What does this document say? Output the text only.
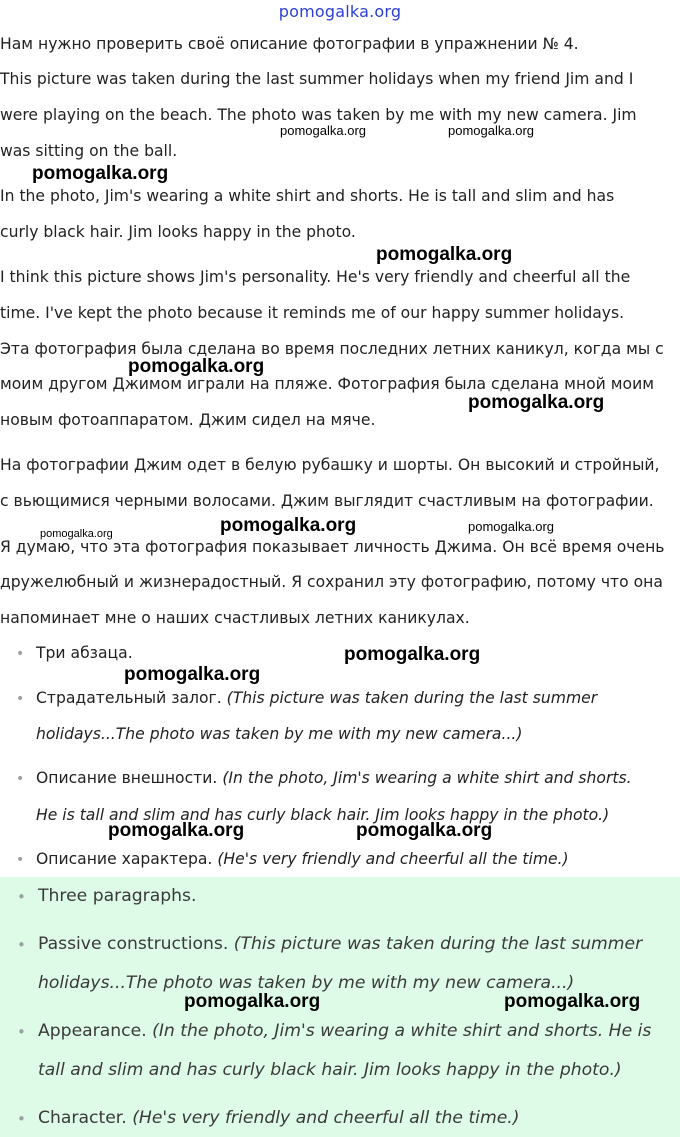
pomogalka.org
Нам нужно проверить своё описание фотографии в упражнении № 4.
This picture was taken during the last summer holidays when my friend Jim and I
were playing on the beach. The photo was taken by me with my new camera. Jim
was sitting on the ball.
In the photo, Jim's wearing a white shirt and shorts. He is tall and slim and has
curly black hair. Jim looks happy in the photo.
I think this picture shows Jim's personality. He's very friendly and cheerful all the
time. I've kept the photo because it reminds me of our happy summer holidays.
Эта фотография была сделана во время последних летних каникул, когда мы с
моим другом Джимом играли на пляже. Фотография была сделана мной моим
новым фотоаппаратом. Джим сидел на мяче.
На фотографии Джим одет в белую рубашку и шорты. Он высокий и стройный,
с вьющимися черными волосами. Джим выглядит счастливым на фотографии.
Я думаю, что эта фотография показывает личность Джима. Он всё время очень
дружелюбный и жизнерадостный. Я сохранил эту фотографию, потому что она
напоминает мне о наших счастливых летних каникулах.
• Три абзаца.
• Страдательный залог. (This picture was taken during the last summer
holidays...The photo was taken by me with my new camera...)
• Описание внешности. (In the photo, Jim's wearing a white shirt and shorts.
He is tall and slim and has curly black hair. Jim looks happy in the photo.)
• Описание характера. (He's very friendly and cheerful all the time.)
• Three paragraphs.
• Passive constructions. (This picture was taken during the last summer
holidays...The photo was taken by me with my new camera...)
• Appearance. (In the photo, Jim's wearing a white shirt and shorts. He is
tall and slim and has curly black hair. Jim looks happy in the photo.)
• Character. (He's very friendly and cheerful all the time.)
pomogalka.org	pomogalka.org
pomogalka.org
pomogalka.org
pomogalka.org
pomogalka.org
pomogalka.org	pomogalka.org	pomogalka.org
pomogalka.org
pomogalka.org
pomogalka.org	pomogalka.org
pomogalka.org	pomogalka.org
